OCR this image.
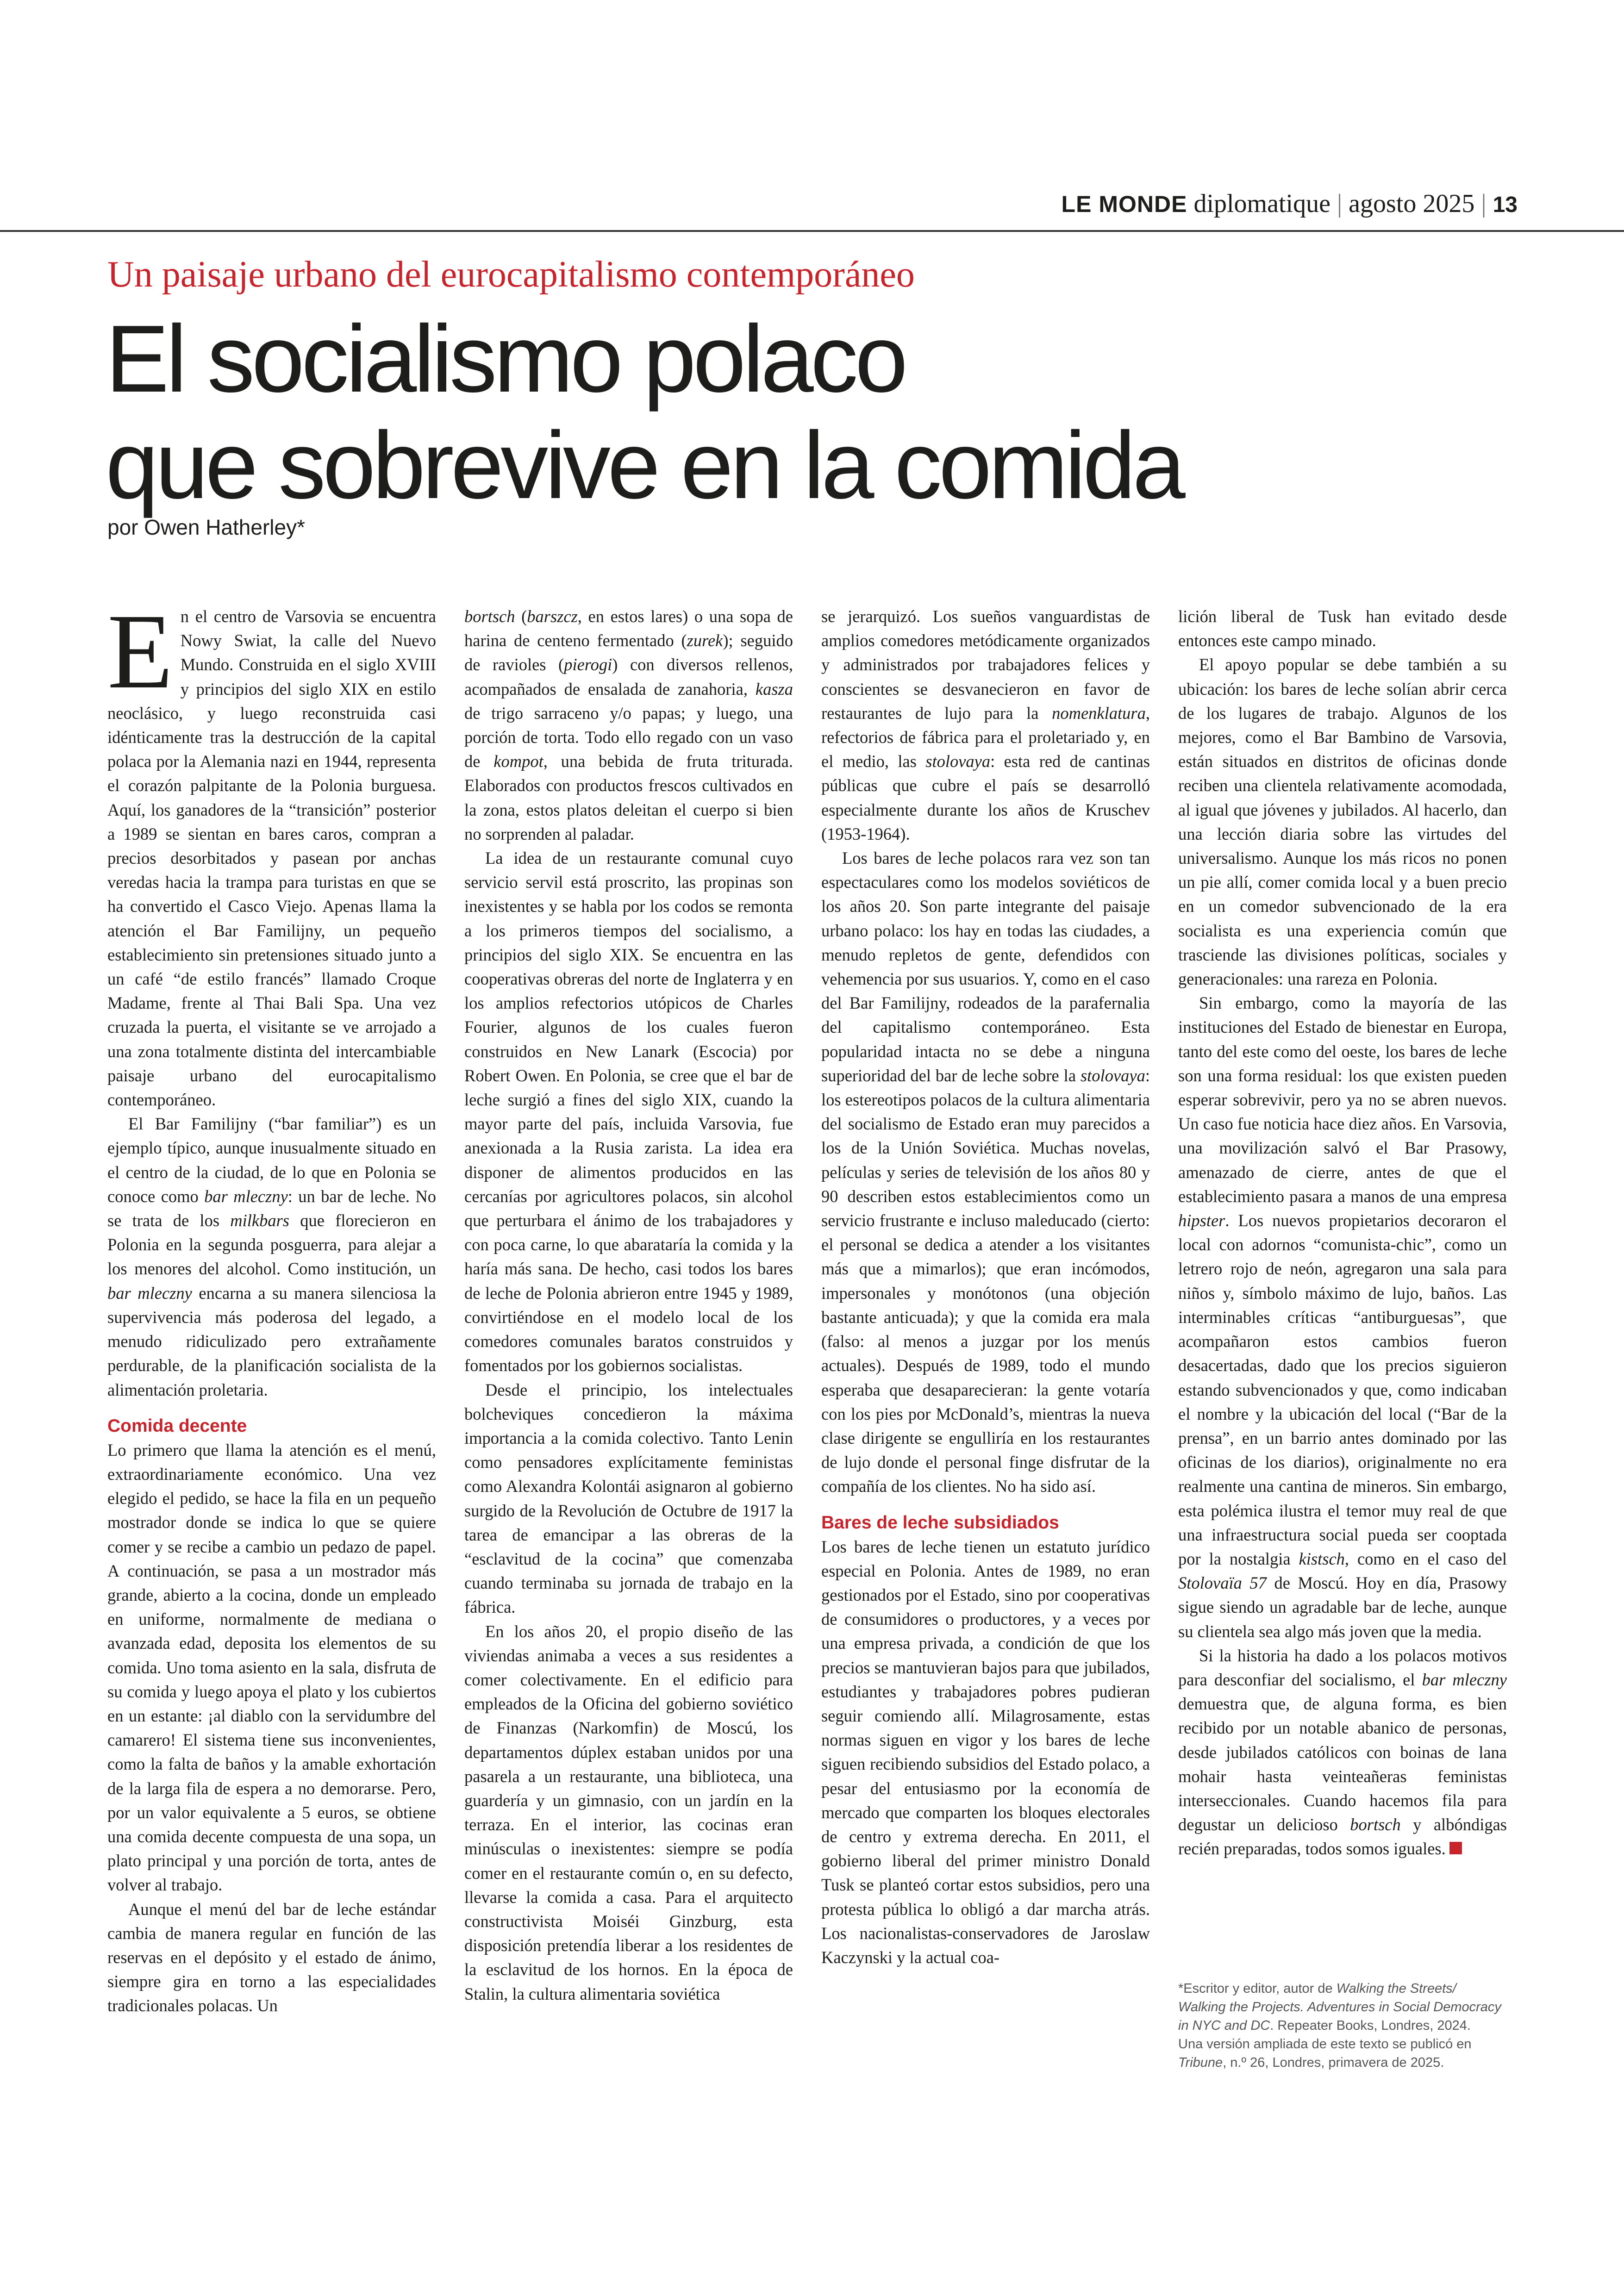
LE MONDE diplomatique | agosto 2025 | 13
Un paisaje urbano del eurocapitalismo contemporáneo
El socialismo polaco
que sobrevive en la comida
por Owen Hatherley*

En el centro de Varsovia se encuentra Nowy Swiat, la calle del Nuevo Mundo. Construida en el siglo XVIII y principios del siglo XIX en estilo neoclásico, y luego reconstruida casi idénticamente tras la destrucción de la capital polaca por la Alemania nazi en 1944, representa el corazón palpitante de la Polonia burguesa. Aquí, los ganadores de la “transición” posterior a 1989 se sientan en bares caros, compran a precios desorbitados y pasean por anchas veredas hacia la trampa para turistas en que se ha convertido el Casco Viejo. Apenas llama la atención el Bar Familijny, un pequeño establecimiento sin pretensiones situado junto a un café “de estilo francés” llamado Croque Madame, frente al Thai Bali Spa. Una vez cruzada la puerta, el visitante se ve arrojado a una zona totalmente distinta del intercambiable paisaje urbano del eurocapitalismo contemporáneo.

El Bar Familijny (“bar familiar”) es un ejemplo típico, aunque inusualmente situado en el centro de la ciudad, de lo que en Polonia se conoce como bar mleczny: un bar de leche. No se trata de los milkbars que florecieron en Polonia en la segunda posguerra, para alejar a los menores del alcohol. Como institución, un bar mleczny encarna a su manera silenciosa la supervivencia más poderosa del legado, a menudo ridiculizado pero extrañamente perdurable, de la planificación socialista de la alimentación proletaria.

Comida decente

Lo primero que llama la atención es el menú, extraordinariamente económico. Una vez elegido el pedido, se hace la fila en un pequeño mostrador donde se indica lo que se quiere comer y se recibe a cambio un pedazo de papel. A continuación, se pasa a un mostrador más grande, abierto a la cocina, donde un empleado en uniforme, normalmente de mediana o avanzada edad, deposita los elementos de su comida. Uno toma asiento en la sala, disfruta de su comida y luego apoya el plato y los cubiertos en un estante: ¡al diablo con la servidumbre del camarero! El sistema tiene sus inconvenientes, como la falta de baños y la amable exhortación de la larga fila de espera a no demorarse. Pero, por un valor equivalente a 5 euros, se obtiene una comida decente compuesta de una sopa, un plato principal y una porción de torta, antes de volver al trabajo.

Aunque el menú del bar de leche estándar cambia de manera regular en función de las reservas en el depósito y el estado de ánimo, siempre gira en torno a las especialidades tradicionales polacas. Un

bortsch (barszcz, en estos lares) o una sopa de harina de centeno fermentado (zurek); seguido de ravioles (pierogi) con diversos rellenos, acompañados de ensalada de zanahoria, kasza de trigo sarraceno y/o papas; y luego, una porción de torta. Todo ello regado con un vaso de kompot, una bebida de fruta triturada. Elaborados con productos frescos cultivados en la zona, estos platos deleitan el cuerpo si bien no sorprenden al paladar.

La idea de un restaurante comunal cuyo servicio servil está proscrito, las propinas son inexistentes y se habla por los codos se remonta a los primeros tiempos del socialismo, a principios del siglo XIX. Se encuentra en las cooperativas obreras del norte de Inglaterra y en los amplios refectorios utópicos de Charles Fourier, algunos de los cuales fueron construidos en New Lanark (Escocia) por Robert Owen. En Polonia, se cree que el bar de leche surgió a fines del siglo XIX, cuando la mayor parte del país, incluida Varsovia, fue anexionada a la Rusia zarista. La idea era disponer de alimentos producidos en las cercanías por agricultores polacos, sin alcohol que perturbara el ánimo de los trabajadores y con poca carne, lo que abarataría la comida y la haría más sana. De hecho, casi todos los bares de leche de Polonia abrieron entre 1945 y 1989, convirtiéndose en el modelo local de los comedores comunales baratos construidos y fomentados por los gobiernos socialistas.

Desde el principio, los intelectuales bolcheviques concedieron la máxima importancia a la comida colectivo. Tanto Lenin como pensadores explícitamente feministas como Alexandra Kolontái asignaron al gobierno surgido de la Revolución de Octubre de 1917 la tarea de emancipar a las obreras de la “esclavitud de la cocina” que comenzaba cuando terminaba su jornada de trabajo en la fábrica.

En los años 20, el propio diseño de las viviendas animaba a veces a sus residentes a comer colectivamente. En el edificio para empleados de la Oficina del gobierno soviético de Finanzas (Narkomfin) de Moscú, los departamentos dúplex estaban unidos por una pasarela a un restaurante, una biblioteca, una guardería y un gimnasio, con un jardín en la terraza. En el interior, las cocinas eran minúsculas o inexistentes: siempre se podía comer en el restaurante común o, en su defecto, llevarse la comida a casa. Para el arquitecto constructivista Moiséi Ginzburg, esta disposición pretendía liberar a los residentes de la esclavitud de los hornos. En la época de Stalin, la cultura alimentaria soviética

se jerarquizó. Los sueños vanguardistas de amplios comedores metódicamente organizados y administrados por trabajadores felices y conscientes se desvanecieron en favor de restaurantes de lujo para la nomenklatura, refectorios de fábrica para el proletariado y, en el medio, las stolovaya: esta red de cantinas públicas que cubre el país se desarrolló especialmente durante los años de Kruschev (1953-1964).

Los bares de leche polacos rara vez son tan espectaculares como los modelos soviéticos de los años 20. Son parte integrante del paisaje urbano polaco: los hay en todas las ciudades, a menudo repletos de gente, defendidos con vehemencia por sus usuarios. Y, como en el caso del Bar Familijny, rodeados de la parafernalia del capitalismo contemporáneo. Esta popularidad intacta no se debe a ninguna superioridad del bar de leche sobre la stolovaya: los estereotipos polacos de la cultura alimentaria del socialismo de Estado eran muy parecidos a los de la Unión Soviética. Muchas novelas, películas y series de televisión de los años 80 y 90 describen estos establecimientos como un servicio frustrante e incluso maleducado (cierto: el personal se dedica a atender a los visitantes más que a mimarlos); que eran incómodos, impersonales y monótonos (una objeción bastante anticuada); y que la comida era mala (falso: al menos a juzgar por los menús actuales). Después de 1989, todo el mundo esperaba que desaparecieran: la gente votaría con los pies por McDonald’s, mientras la nueva clase dirigente se engulliría en los restaurantes de lujo donde el personal finge disfrutar de la compañía de los clientes. No ha sido así.

Bares de leche subsidiados

Los bares de leche tienen un estatuto jurídico especial en Polonia. Antes de 1989, no eran gestionados por el Estado, sino por cooperativas de consumidores o productores, y a veces por una empresa privada, a condición de que los precios se mantuvieran bajos para que jubilados, estudiantes y trabajadores pobres pudieran seguir comiendo allí. Milagrosamente, estas normas siguen en vigor y los bares de leche siguen recibiendo subsidios del Estado polaco, a pesar del entusiasmo por la economía de mercado que comparten los bloques electorales de centro y extrema derecha. En 2011, el gobierno liberal del primer ministro Donald Tusk se planteó cortar estos subsidios, pero una protesta pública lo obligó a dar marcha atrás. Los nacionalistas-conservadores de Jaroslaw Kaczynski y la actual coa-

lición liberal de Tusk han evitado desde entonces este campo minado.

El apoyo popular se debe también a su ubicación: los bares de leche solían abrir cerca de los lugares de trabajo. Algunos de los mejores, como el Bar Bambino de Varsovia, están situados en distritos de oficinas donde reciben una clientela relativamente acomodada, al igual que jóvenes y jubilados. Al hacerlo, dan una lección diaria sobre las virtudes del universalismo. Aunque los más ricos no ponen un pie allí, comer comida local y a buen precio en un comedor subvencionado de la era socialista es una experiencia común que trasciende las divisiones políticas, sociales y generacionales: una rareza en Polonia.

Sin embargo, como la mayoría de las instituciones del Estado de bienestar en Europa, tanto del este como del oeste, los bares de leche son una forma residual: los que existen pueden esperar sobrevivir, pero ya no se abren nuevos. Un caso fue noticia hace diez años. En Varsovia, una movilización salvó el Bar Prasowy, amenazado de cierre, antes de que el establecimiento pasara a manos de una empresa hipster. Los nuevos propietarios decoraron el local con adornos “comunista-chic”, como un letrero rojo de neón, agregaron una sala para niños y, símbolo máximo de lujo, baños. Las interminables críticas “antiburguesas”, que acompañaron estos cambios fueron desacertadas, dado que los precios siguieron estando subvencionados y que, como indicaban el nombre y la ubicación del local (“Bar de la prensa”, en un barrio antes dominado por las oficinas de los diarios), originalmente no era realmente una cantina de mineros. Sin embargo, esta polémica ilustra el temor muy real de que una infraestructura social pueda ser cooptada por la nostalgia kistsch, como en el caso del Stolovaïa 57 de Moscú. Hoy en día, Prasowy sigue siendo un agradable bar de leche, aunque su clientela sea algo más joven que la media.

Si la historia ha dado a los polacos motivos para desconfiar del socialismo, el bar mleczny demuestra que, de alguna forma, es bien recibido por un notable abanico de personas, desde jubilados católicos con boinas de lana mohair hasta veinteañeras feministas interseccionales. Cuando hacemos fila para degustar un delicioso bortsch y albóndigas recién preparadas, todos somos iguales.

*Escritor y editor, autor de Walking the Streets/ Walking the Projects. Adventures in Social Democracy in NYC and DC. Repeater Books, Londres, 2024.

Una versión ampliada de este texto se publicó en Tribune, n.º 26, Londres, primavera de 2025.
